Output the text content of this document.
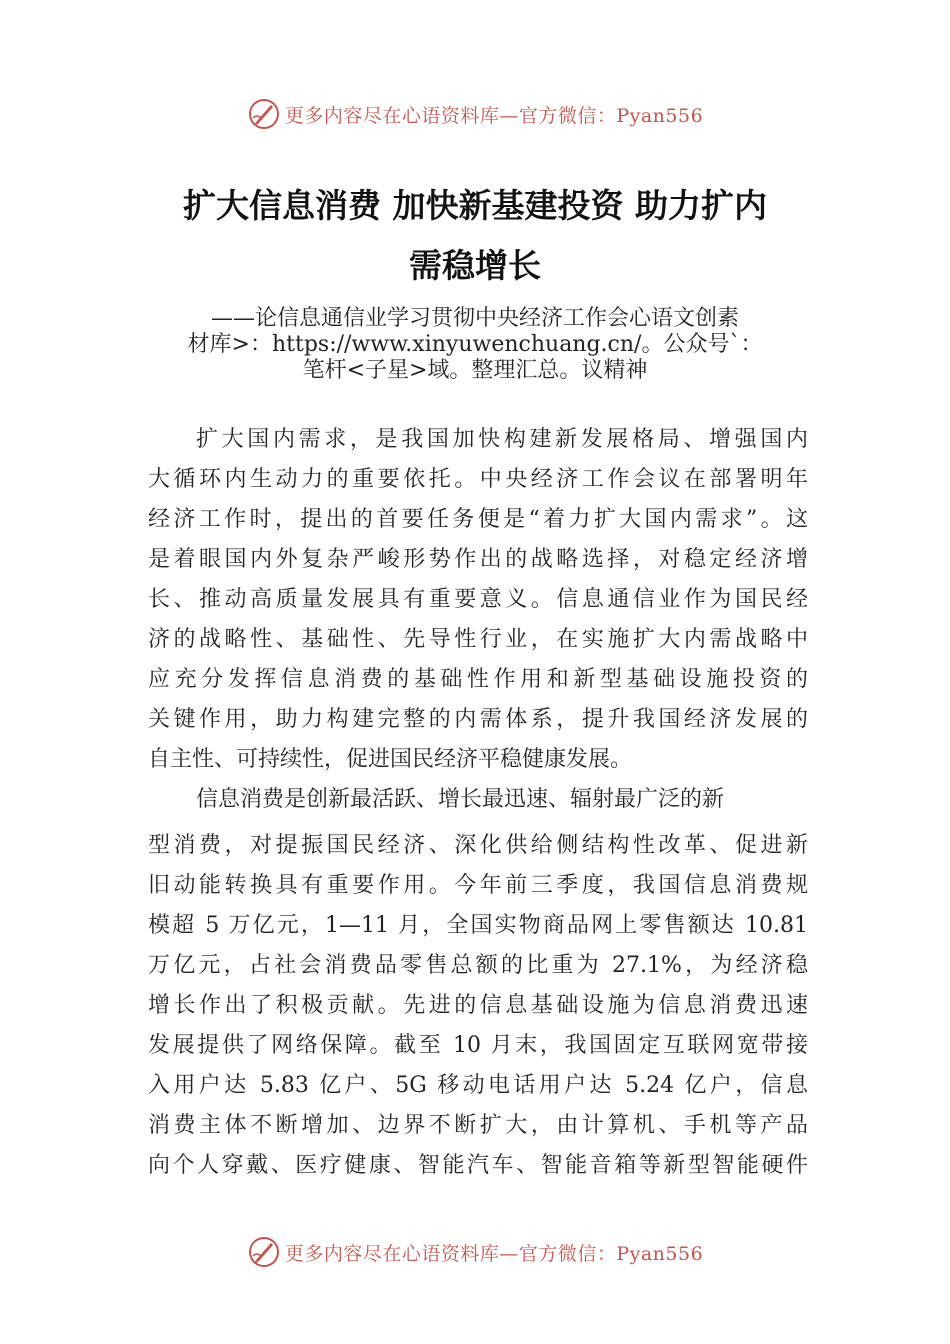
更多内容尽在心语资料库—官方微信：Pyan556
扩大信息消费 加快新基建投资 助力扩内
需稳增长
——论信息通信业学习贯彻中央经济工作会心语文创素
材库>：https://www.xinyuwenchuang.cn/。公众号`：
笔杆<子星>域。整理汇总。议精神

扩大国内需求，是我国加快构建新发展格局、增强国内

大循环内生动力的重要依托。中央经济工作会议在部署明年

经济工作时，提出的首要任务便是“着力扩大国内需求”。这

是着眼国内外复杂严峻形势作出的战略选择，对稳定经济增

长、推动高质量发展具有重要意义。信息通信业作为国民经

济的战略性、基础性、先导性行业，在实施扩大内需战略中

应充分发挥信息消费的基础性作用和新型基础设施投资的

关键作用，助力构建完整的内需体系，提升我国经济发展的

自主性、可持续性，促进国民经济平稳健康发展。

信息消费是创新最活跃、增长最迅速、辐射最广泛的新

型消费，对提振国民经济、深化供给侧结构性改革、促进新

旧动能转换具有重要作用。今年前三季度，我国信息消费规

模超 5 万亿元，1—11 月，全国实物商品网上零售额达 10.81

万亿元，占社会消费品零售总额的比重为 27.1%，为经济稳

增长作出了积极贡献。先进的信息基础设施为信息消费迅速

发展提供了网络保障。截至 10 月末，我国固定互联网宽带接

入用户达 5.83 亿户、5G 移动电话用户达 5.24 亿户，信息

消费主体不断增加、边界不断扩大，由计算机、手机等产品

向个人穿戴、医疗健康、智能汽车、智能音箱等新型智能硬件

更多内容尽在心语资料库—官方微信：Pyan556
